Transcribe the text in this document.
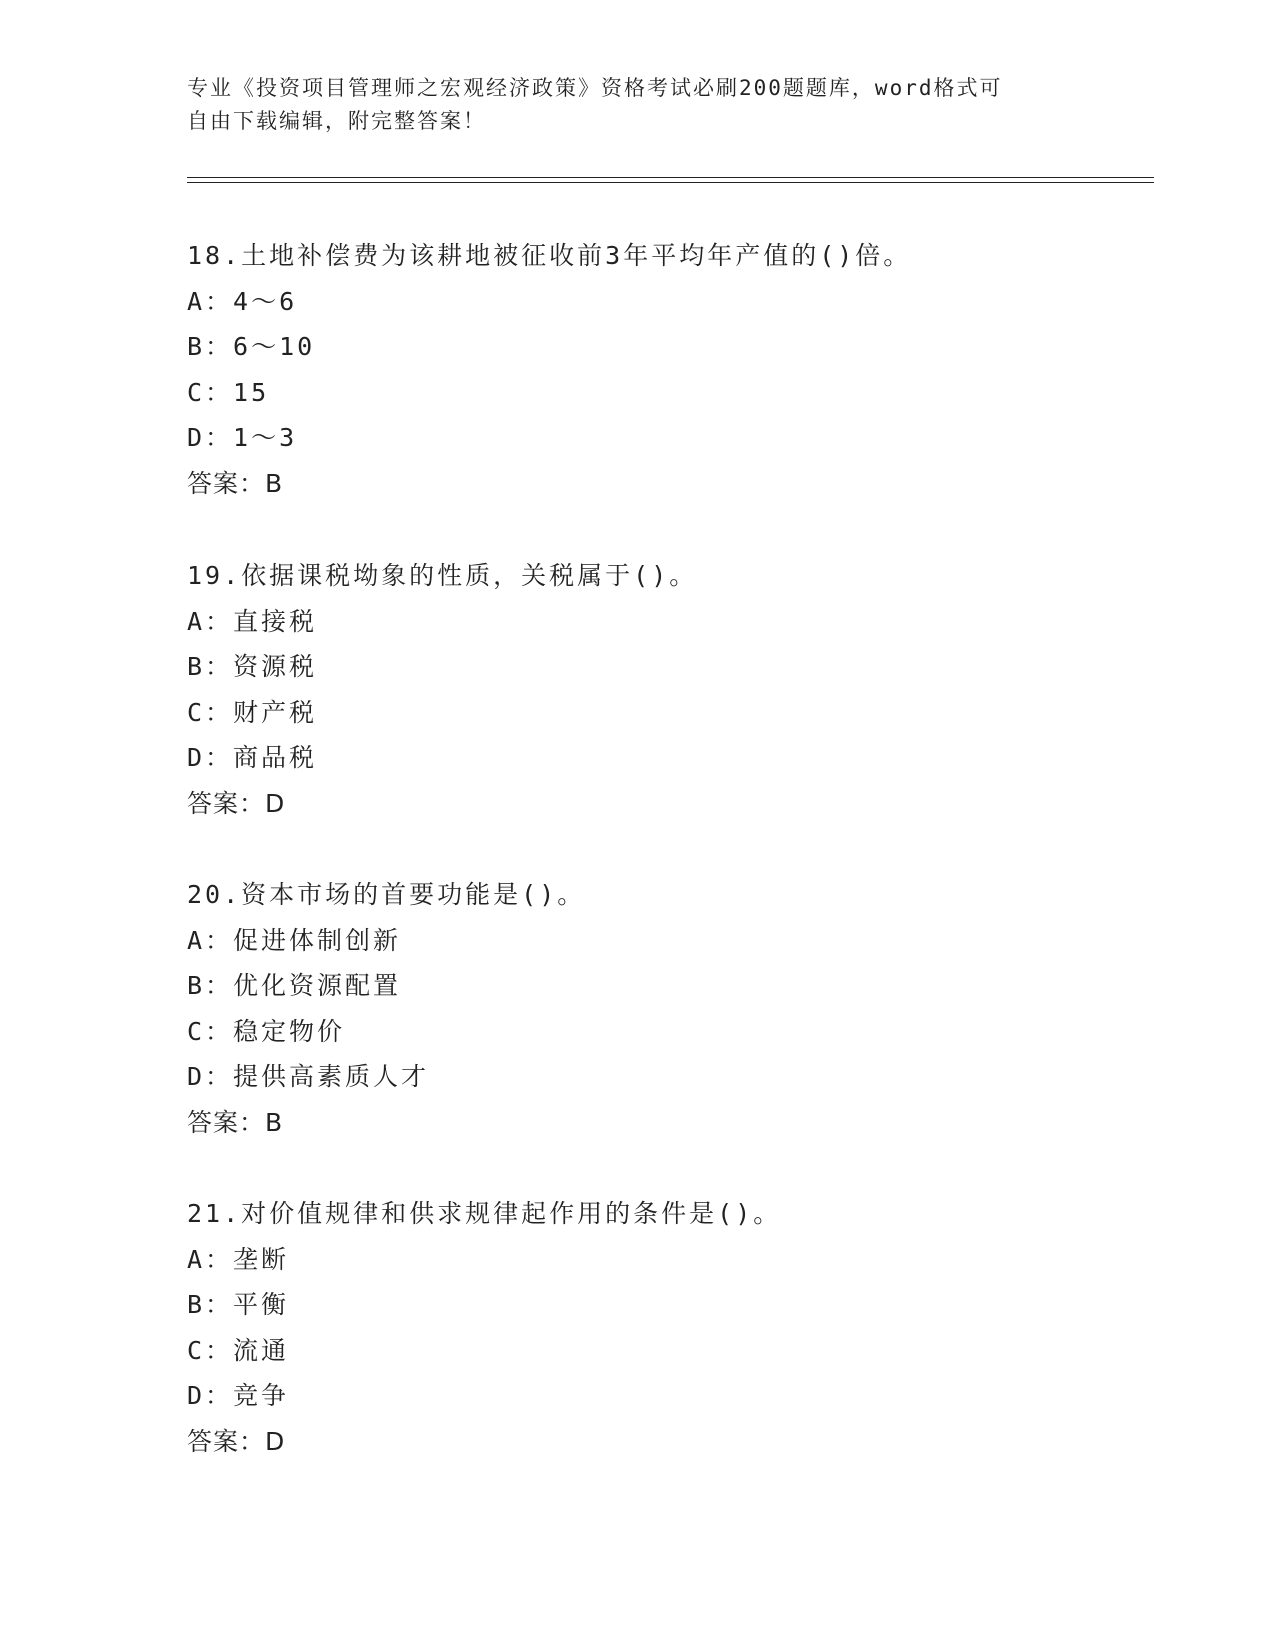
专业《投资项目管理师之宏观经济政策》资格考试必刷200题题库，word格式可
自由下载编辑，附完整答案！
18.土地补偿费为该耕地被征收前3年平均年产值的()倍。
A：4～6
B：6～10
C：15
D：1～3
答案：B
19.依据课税坳象的性质，关税属于()。
A：直接税
B：资源税
C：财产税
D：商品税
答案：D
20.资本市场的首要功能是()。
A：促进体制创新
B：优化资源配置
C：稳定物价
D：提供高素质人才
答案：B
21.对价值规律和供求规律起作用的条件是()。
A：垄断
B：平衡
C：流通
D：竞争
答案：D
